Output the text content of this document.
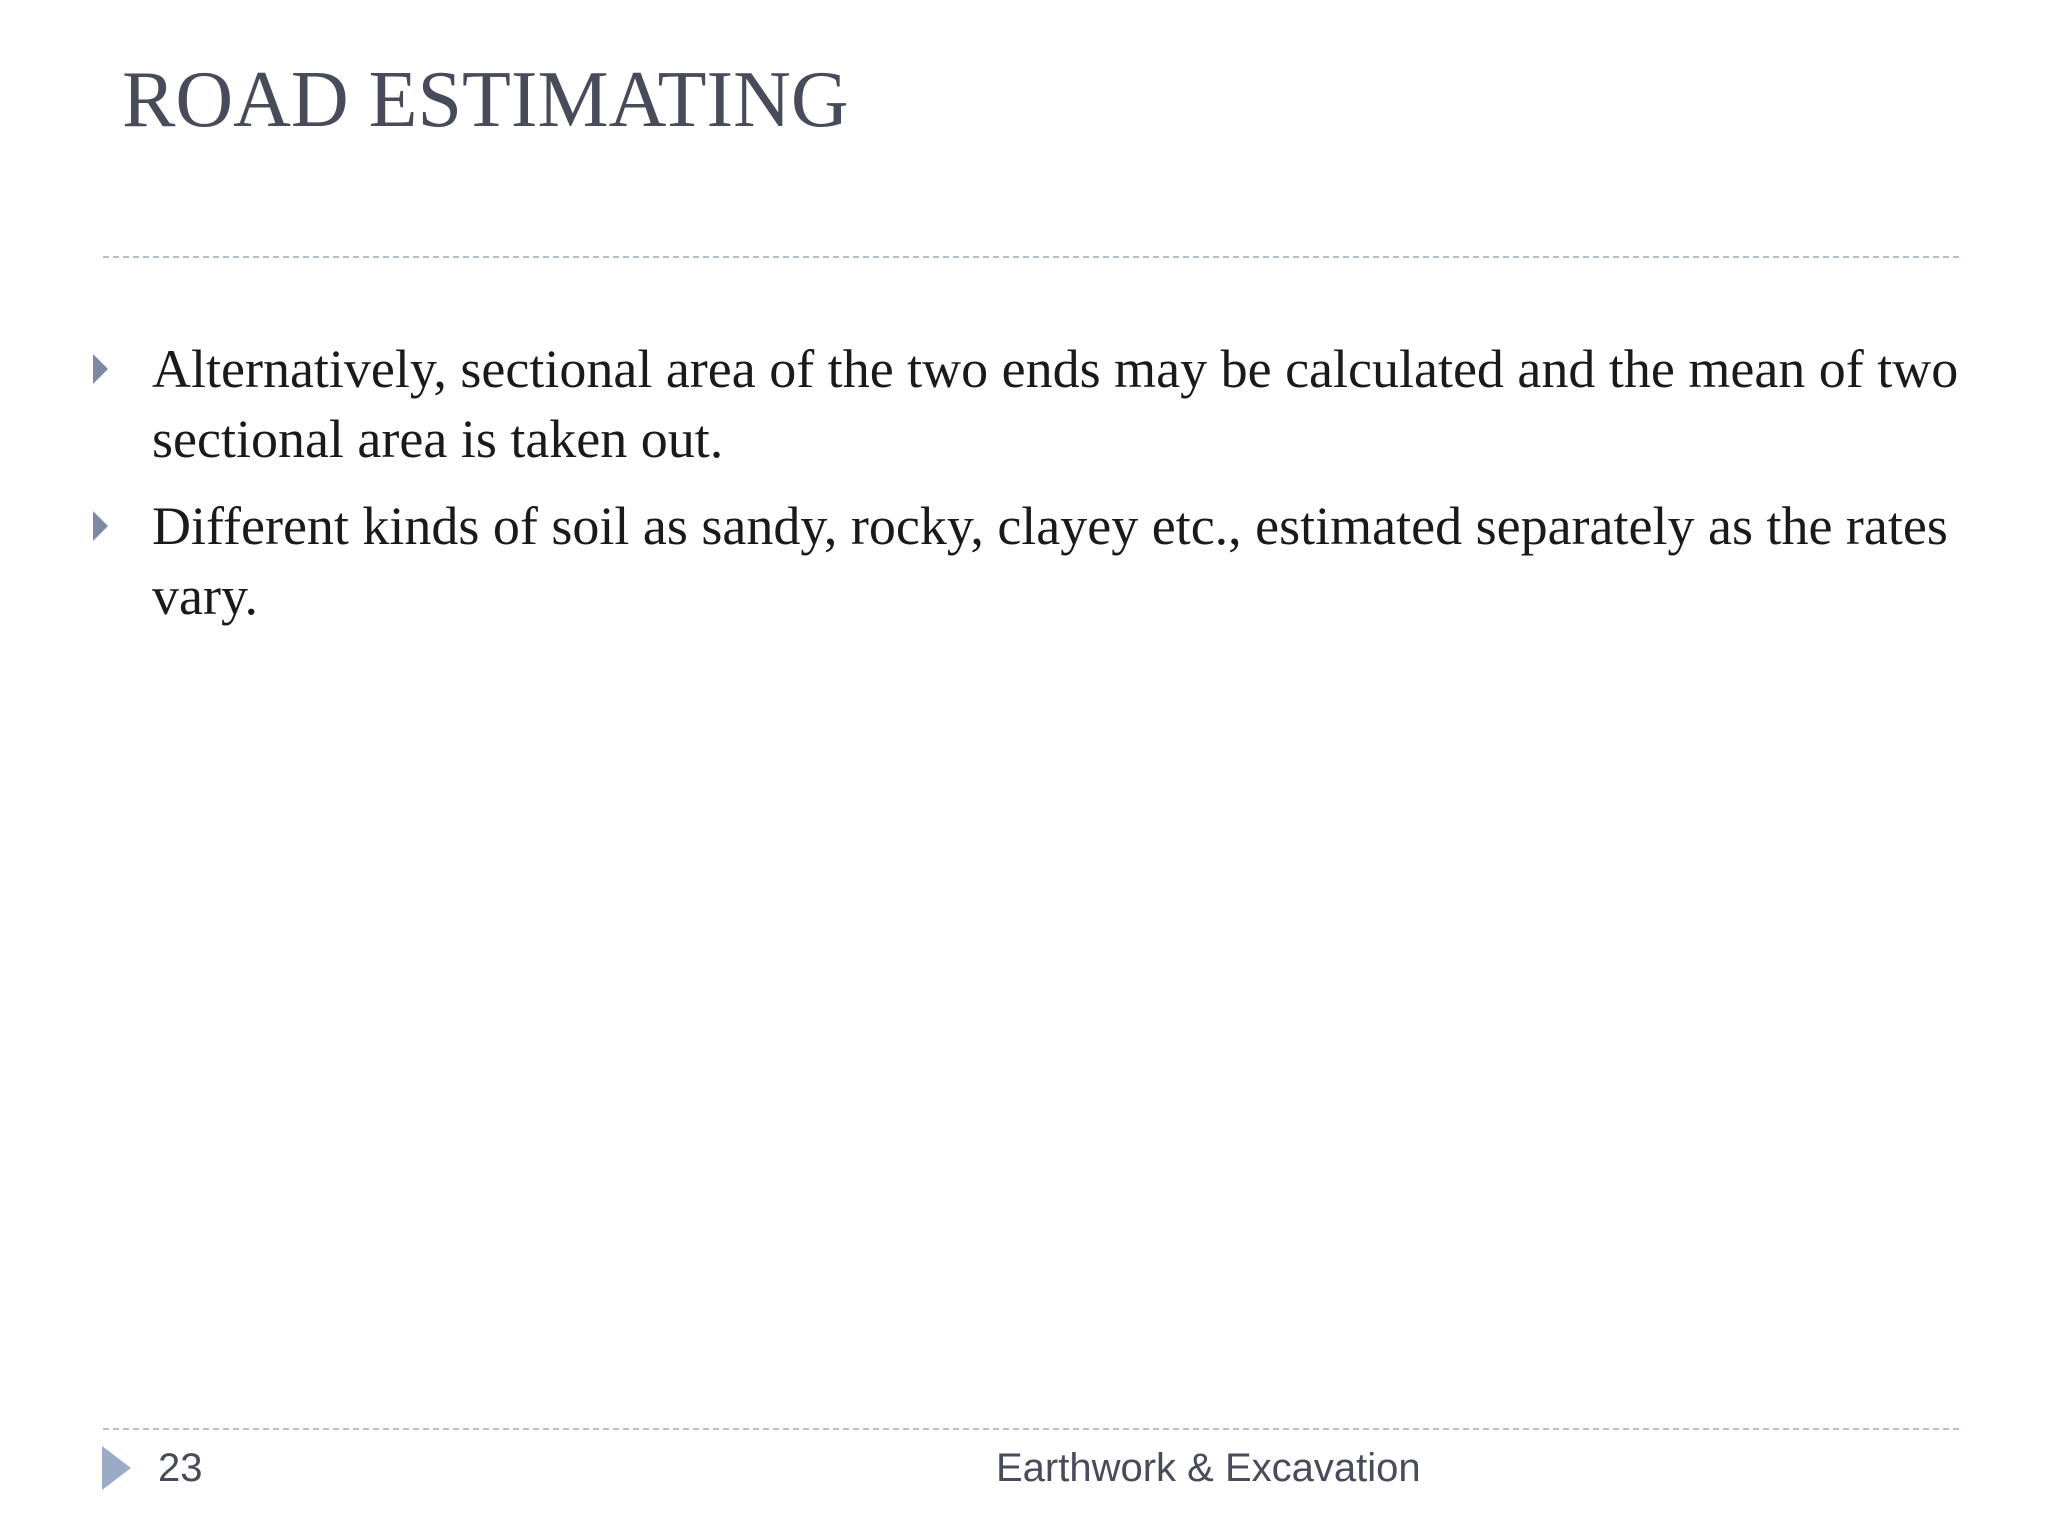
ROAD ESTIMATING
Alternatively, sectional area of the two ends may be calculated and the mean of two sectional area is taken out.
Different kinds of soil as sandy, rocky, clayey etc., estimated separately as the rates vary.
23	Earthwork & Excavation
